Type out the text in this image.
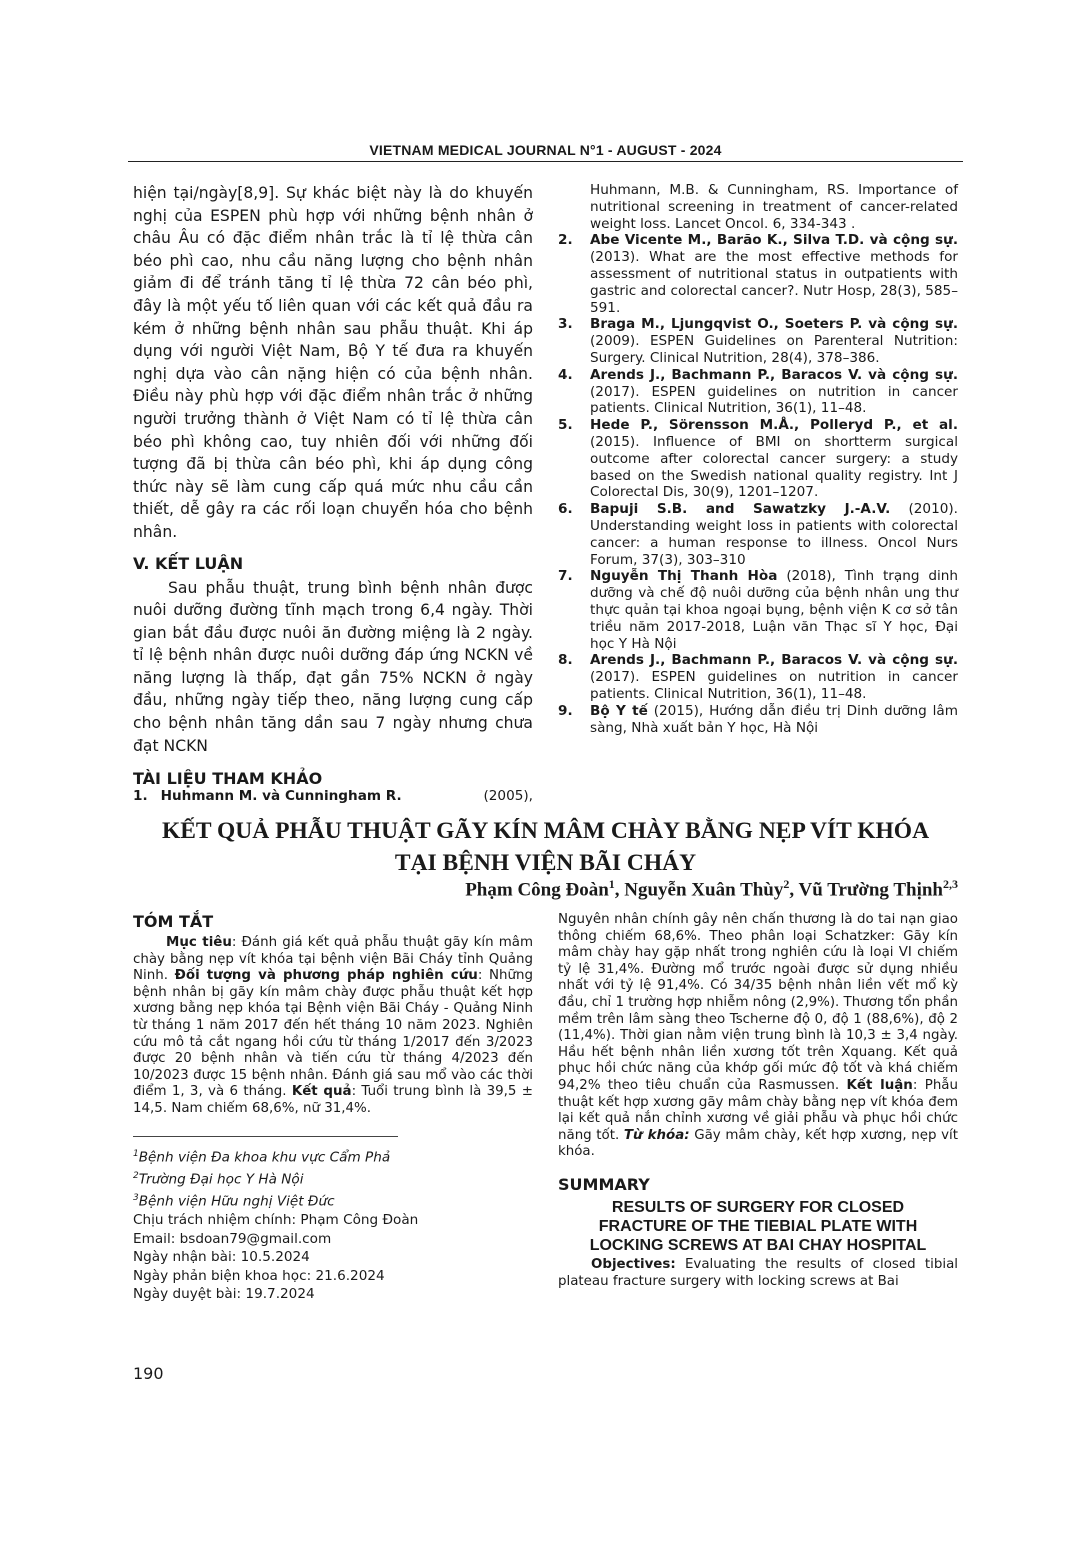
VIETNAM MEDICAL JOURNAL N°1 - AUGUST - 2024

hiện tại/ngày[8,9]. Sự khác biệt này là do khuyến nghị của ESPEN phù hợp với những bệnh nhân ở châu Âu có đặc điểm nhân trắc là tỉ lệ thừa cân béo phì cao, nhu cầu năng lượng cho bệnh nhân giảm đi để tránh tăng tỉ lệ thừa 72 cân béo phì, đây là một yếu tố liên quan với các kết quả đầu ra kém ở những bệnh nhân sau phẫu thuật. Khi áp dụng với người Việt Nam, Bộ Y tế đưa ra khuyến nghị dựa vào cân nặng hiện có của bệnh nhân. Điều này phù hợp với đặc điểm nhân trắc ở những người trưởng thành ở Việt Nam có tỉ lệ thừa cân béo phì không cao, tuy nhiên đối với những đối tượng đã bị thừa cân béo phì, khi áp dụng công thức này sẽ làm cung cấp quá mức nhu cầu cần thiết, dễ gây ra các rối loạn chuyển hóa cho bệnh nhân.

V. KẾT LUẬN

Sau phẫu thuật, trung bình bệnh nhân được nuôi dưỡng đường tĩnh mạch trong 6,4 ngày. Thời gian bắt đầu được nuôi ăn đường miệng là 2 ngày. tỉ lệ bệnh nhân được nuôi dưỡng đáp ứng NCKN về năng lượng là thấp, đạt gần 75% NCKN ở ngày đầu, những ngày tiếp theo, năng lượng cung cấp cho bệnh nhân tăng dần sau 7 ngày nhưng chưa đạt NCKN

TÀI LIỆU THAM KHẢO
1. Huhmann M. và Cunningham R.	(2005),

Huhmann, M.B. & Cunningham, RS. Importance of nutritional screening in treatment of cancer-related weight loss. Lancet Oncol. 6, 334-343 .

2. Abe Vicente M., Barão K., Silva T.D. và cộng sự. (2013). What are the most effective methods for assessment of nutritional status in outpatients with gastric and colorectal cancer?. Nutr Hosp, 28(3), 585–591.
3. Braga M., Ljungqvist O., Soeters P. và cộng sự. (2009). ESPEN Guidelines on Parenteral Nutrition: Surgery. Clinical Nutrition, 28(4), 378–386.
4. Arends J., Bachmann P., Baracos V. và cộng sự. (2017). ESPEN guidelines on nutrition in cancer patients. Clinical Nutrition, 36(1), 11–48.
5. Hede P., Sörensson M.Å., Polleryd P., et al. (2015). Influence of BMI on shortterm surgical outcome after colorectal cancer surgery: a study based on the Swedish national quality registry. Int J Colorectal Dis, 30(9), 1201–1207.
6. Bapuji S.B. and Sawatzky J.-A.V. (2010). Understanding weight loss in patients with colorectal cancer: a human response to illness. Oncol Nurs Forum, 37(3), 303–310
7. Nguyễn Thị Thanh Hòa (2018), Tình trạng dinh dưỡng và chế độ nuôi dưỡng của bệnh nhân ung thư thực quản tại khoa ngoại bụng, bệnh viện K cơ sở tân triều năm 2017-2018, Luận văn Thạc sĩ Y học, Đại học Y Hà Nội
8. Arends J., Bachmann P., Baracos V. và cộng sự. (2017). ESPEN guidelines on nutrition in cancer patients. Clinical Nutrition, 36(1), 11–48.
9. Bộ Y tế (2015), Hướng dẫn điều trị Dinh dưỡng lâm sàng, Nhà xuất bản Y học, Hà Nội
KẾT QUẢ PHẪU THUẬT GÃY KÍN MÂM CHÀY BẰNG NẸP VÍT KHÓA
TẠI BỆNH VIỆN BÃI CHÁY
Phạm Công Đoàn$^1$, Nguyễn Xuân Thùy$^2$, Vũ Trường Thịnh$^{2,3}$
TÓM TẮT

Mục tiêu: Đánh giá kết quả phẫu thuật gãy kín mâm chày bằng nẹp vít khóa tại bệnh viện Bãi Cháy tỉnh Quảng Ninh. Đối tượng và phương pháp nghiên cứu: Những bệnh nhân bị gãy kín mâm chày được phẫu thuật kết hợp xương bằng nẹp khóa tại Bệnh viện Bãi Cháy - Quảng Ninh từ tháng 1 năm 2017 đến hết tháng 10 năm 2023. Nghiên cứu mô tả cắt ngang hồi cứu từ tháng 1/2017 đến 3/2023 được 20 bệnh nhân và tiến cứu từ tháng 4/2023 đến 10/2023 được 15 bệnh nhân. Đánh giá sau mổ vào các thời điểm 1, 3, và 6 tháng. Kết quả: Tuổi trung bình là 39,5 ± 14,5. Nam chiếm 68,6%, nữ 31,4%.

$^1$Bệnh viện Đa khoa khu vực Cẩm Phả
$^2$Trường Đại học Y Hà Nội
$^3$Bệnh viện Hữu nghị Việt Đức
Chịu trách nhiệm chính: Phạm Công Đoàn
Email: bsdoan79@gmail.com
Ngày nhận bài: 10.5.2024
Ngày phản biện khoa học: 21.6.2024
Ngày duyệt bài: 19.7.2024

Nguyên nhân chính gây nên chấn thương là do tai nạn giao thông chiếm 68,6%. Theo phân loại Schatzker: Gãy kín mâm chày hay gặp nhất trong nghiên cứu là loại VI chiếm tỷ lệ 31,4%. Đường mổ trước ngoài được sử dụng nhiều nhất với tỷ lệ 91,4%. Có 34/35 bệnh nhân liền vết mổ kỳ đầu, chỉ 1 trường hợp nhiễm nông (2,9%). Thương tổn phần mềm trên lâm sàng theo Tscherne độ 0, độ 1 (88,6%), độ 2 (11,4%). Thời gian nằm viện trung bình là 10,3 ± 3,4 ngày. Hầu hết bệnh nhân liền xương tốt trên Xquang. Kết quả phục hồi chức năng của khớp gối mức độ tốt và khá chiếm 94,2% theo tiêu chuẩn của Rasmussen. Kết luận: Phẫu thuật kết hợp xương gãy mâm chày bằng nẹp vít khóa đem lại kết quả nắn chỉnh xương về giải phẫu và phục hồi chức năng tốt. Từ khóa: Gãy mâm chày, kết hợp xương, nẹp vít khóa.

SUMMARY
RESULTS OF SURGERY FOR CLOSED
FRACTURE OF THE TIEBIAL PLATE WITH
LOCKING SCREWS AT BAI CHAY HOSPITAL

Objectives: Evaluating the results of closed tibial plateau fracture surgery with locking screws at Bai

190
